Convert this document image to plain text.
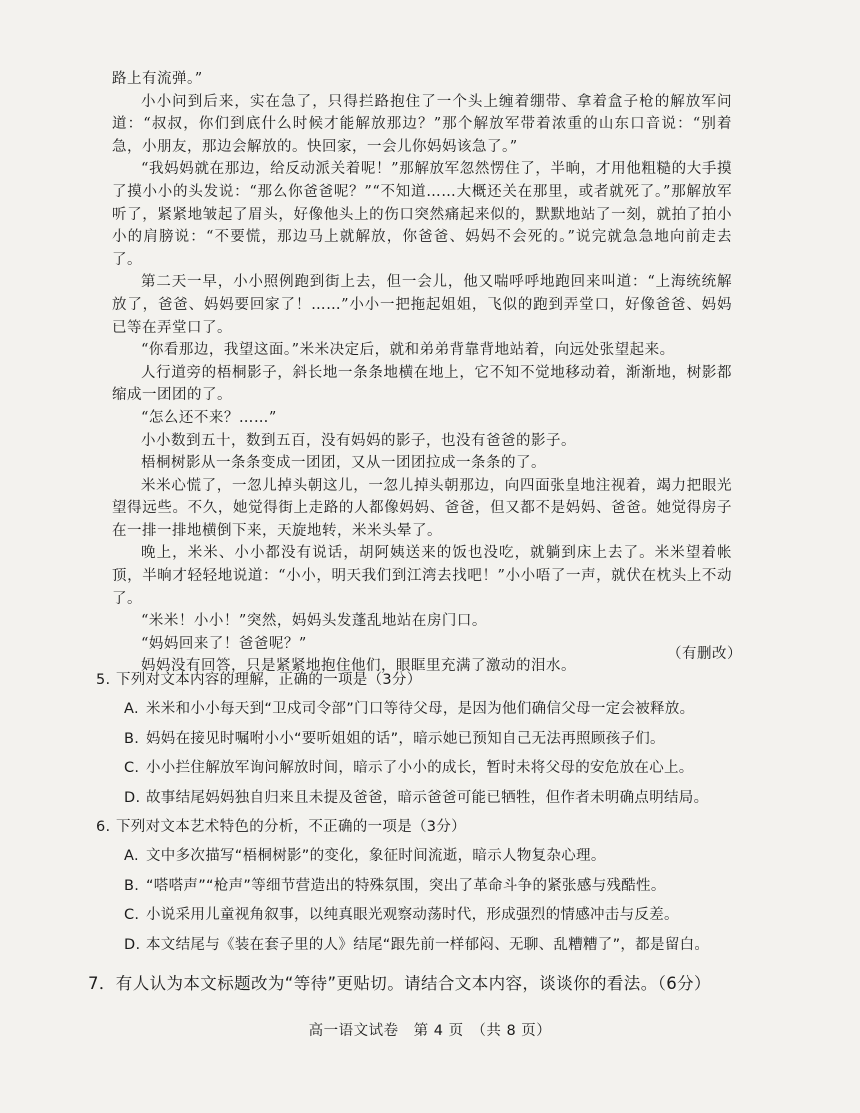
路上有流弹。”

小小问到后来，实在急了，只得拦路抱住了一个头上缠着绷带、拿着盒子枪的解放军问道：“叔叔，你们到底什么时候才能解放那边？”那个解放军带着浓重的山东口音说：“别着急，小朋友，那边会解放的。快回家，一会儿你妈妈该急了。”

“我妈妈就在那边，给反动派关着呢！”那解放军忽然愣住了，半晌，才用他粗糙的大手摸了摸小小的头发说：“那么你爸爸呢？”“不知道……大概还关在那里，或者就死了。”那解放军听了，紧紧地皱起了眉头，好像他头上的伤口突然痛起来似的，默默地站了一刻，就拍了拍小小的肩膀说：“不要慌，那边马上就解放，你爸爸、妈妈不会死的。”说完就急急地向前走去了。

第二天一早，小小照例跑到街上去，但一会儿，他又喘呼呼地跑回来叫道：“上海统统解放了，爸爸、妈妈要回家了！……”小小一把拖起姐姐，飞似的跑到弄堂口，好像爸爸、妈妈已等在弄堂口了。

“你看那边，我望这面。”米米决定后，就和弟弟背靠背地站着，向远处张望起来。

人行道旁的梧桐影子，斜长地一条条地横在地上，它不知不觉地移动着，渐渐地，树影都缩成一团团的了。

“怎么还不来？……”

小小数到五十，数到五百，没有妈妈的影子，也没有爸爸的影子。

梧桐树影从一条条变成一团团，又从一团团拉成一条条的了。

米米心慌了，一忽儿掉头朝这儿，一忽儿掉头朝那边，向四面张皇地注视着，竭力把眼光望得远些。不久，她觉得街上走路的人都像妈妈、爸爸，但又都不是妈妈、爸爸。她觉得房子在一排一排地横倒下来，天旋地转，米米头晕了。

晚上，米米、小小都没有说话，胡阿姨送来的饭也没吃，就躺到床上去了。米米望着帐顶，半晌才轻轻地说道：“小小，明天我们到江湾去找吧！”小小唔了一声，就伏在枕头上不动了。

“米米！小小！”突然，妈妈头发蓬乱地站在房门口。

“妈妈回来了！爸爸呢？”

妈妈没有回答，只是紧紧地抱住他们，眼眶里充满了激动的泪水。

（有删改）

5. 下列对文本内容的理解，正确的一项是（3分）

A. 米米和小小每天到“卫戍司令部”门口等待父母，是因为他们确信父母一定会被释放。

B. 妈妈在接见时嘱咐小小“要听姐姐的话”，暗示她已预知自己无法再照顾孩子们。

C. 小小拦住解放军询问解放时间，暗示了小小的成长，暂时未将父母的安危放在心上。

D. 故事结尾妈妈独自归来且未提及爸爸，暗示爸爸可能已牺牲，但作者未明确点明结局。

6. 下列对文本艺术特色的分析，不正确的一项是（3分）

A. 文中多次描写“梧桐树影”的变化，象征时间流逝，暗示人物复杂心理。

B. “嗒嗒声”“枪声”等细节营造出的特殊氛围，突出了革命斗争的紧张感与残酷性。

C. 小说采用儿童视角叙事，以纯真眼光观察动荡时代，形成强烈的情感冲击与反差。

D. 本文结尾与《装在套子里的人》结尾“跟先前一样郁闷、无聊、乱糟糟了”，都是留白。

7．有人认为本文标题改为“等待”更贴切。请结合文本内容，谈谈你的看法。（6分）
高一语文试卷　第 4 页　（共 8 页）
